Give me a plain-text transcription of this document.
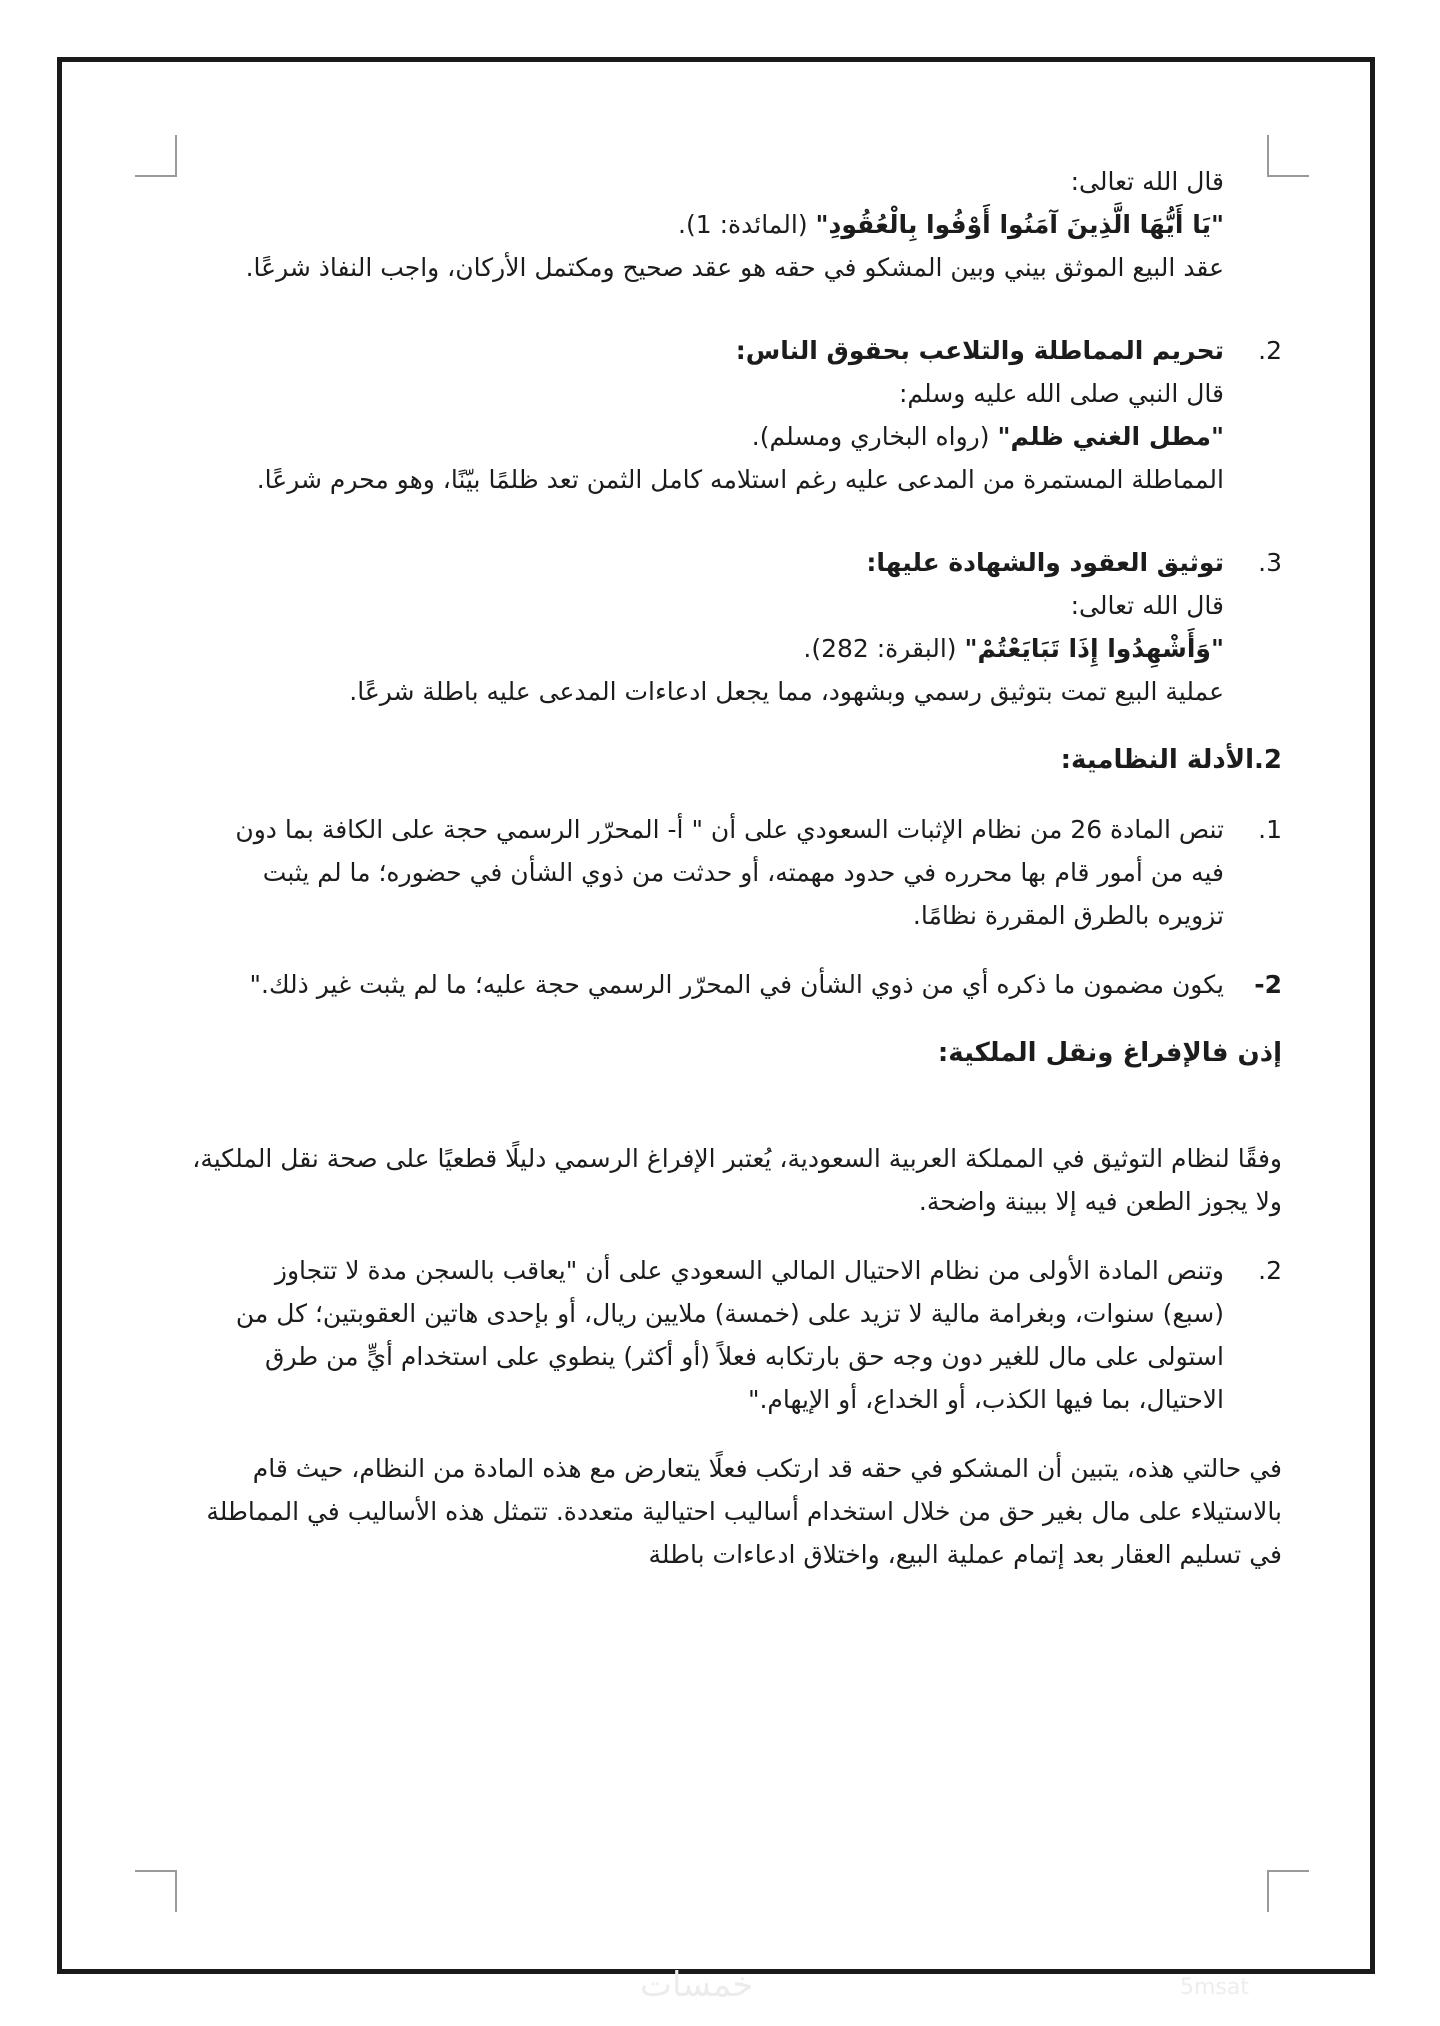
قال الله تعالى:

"يَا أَيُّهَا الَّذِينَ آمَنُوا أَوْفُوا بِالْعُقُودِ" (المائدة: 1).

عقد البيع الموثق بيني وبين المشكو في حقه هو عقد صحيح ومكتمل الأركان، واجب النفاذ شرعًا.

2.

تحريم المماطلة والتلاعب بحقوق الناس:

قال النبي صلى الله عليه وسلم:

"مطل الغني ظلم" (رواه البخاري ومسلم).

المماطلة المستمرة من المدعى عليه رغم استلامه كامل الثمن تعد ظلمًا بيّنًا، وهو محرم شرعًا.

3.

توثيق العقود والشهادة عليها:

قال الله تعالى:

"وَأَشْهِدُوا إِذَا تَبَايَعْتُمْ" (البقرة: 282).

عملية البيع تمت بتوثيق رسمي وبشهود، مما يجعل ادعاءات المدعى عليه باطلة شرعًا.

2.الأدلة النظامية:

1.

تنص المادة 26 من نظام الإثبات السعودي على أن " أ- المحرّر الرسمي حجة على الكافة بما دون فيه من أمور قام بها محرره في حدود مهمته، أو حدثت من ذوي الشأن في حضوره؛ ما لم يثبت تزويره بالطرق المقررة نظامًا.

2-

يكون مضمون ما ذكره أي من ذوي الشأن في المحرّر الرسمي حجة عليه؛ ما لم يثبت غير ذلك."

إذن فالإفراغ ونقل الملكية:

وفقًا لنظام التوثيق في المملكة العربية السعودية، يُعتبر الإفراغ الرسمي دليلًا قطعيًا على صحة نقل الملكية، ولا يجوز الطعن فيه إلا ببينة واضحة.

2.

وتنص المادة الأولى من نظام الاحتيال المالي السعودي على أن "يعاقب بالسجن مدة لا تتجاوز (سبع) سنوات، وبغرامة مالية لا تزيد على (خمسة) ملايين ريال، أو بإحدى هاتين العقوبتين؛ كل من استولى على مال للغير دون وجه حق بارتكابه فعلاً (أو أكثر) ينطوي على استخدام أيٍّ من طرق الاحتيال، بما فيها الكذب، أو الخداع، أو الإيهام."

في حالتي هذه، يتبين أن المشكو في حقه قد ارتكب فعلًا يتعارض مع هذه المادة من النظام، حيث قام بالاستيلاء على مال بغير حق من خلال استخدام أساليب احتيالية متعددة. تتمثل هذه الأساليب في المماطلة في تسليم العقار بعد إتمام عملية البيع، واختلاق ادعاءات باطلة

خمسات	5msat
